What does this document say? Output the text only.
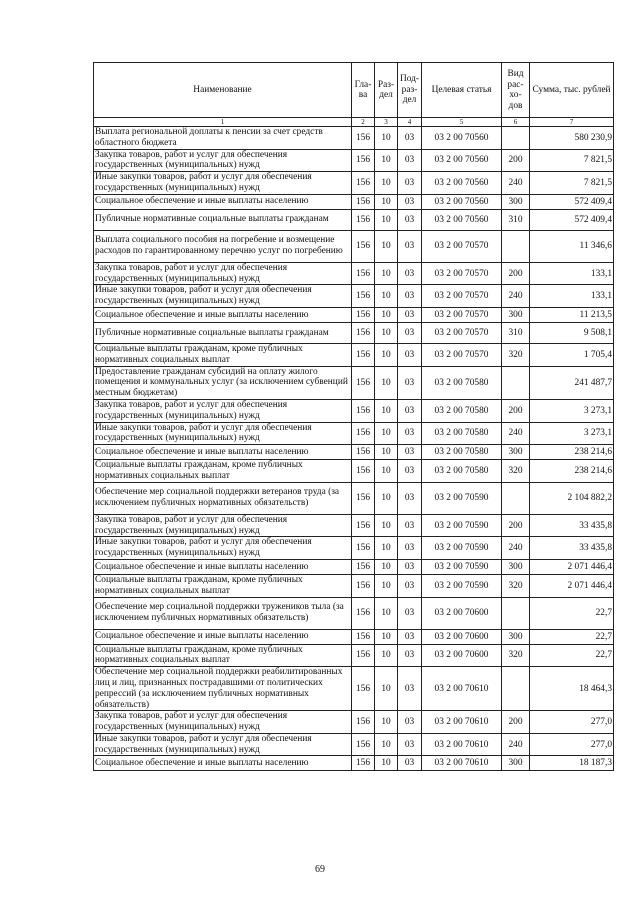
Наименование	Гла-ва	Раз-дел	Под-раз-дел	Целевая статья	Вид рас-хо-дов	Сумма, тыс. рублей
1	2	3	4	5	6	7
Выплата региональной доплаты к пенсии за счет средств областного бюджета	156	10	03	03 2 00 70560		580 230,9
Закупка товаров, работ и услуг для обеспечения государственных (муниципальных) нужд	156	10	03	03 2 00 70560	200	7 821,5
Иные закупки товаров, работ и услуг для обеспечения государственных (муниципальных) нужд	156	10	03	03 2 00 70560	240	7 821,5
Социальное обеспечение и иные выплаты населению	156	10	03	03 2 00 70560	300	572 409,4
Публичные нормативные социальные выплаты гражданам	156	10	03	03 2 00 70560	310	572 409,4
Выплата социального пособия на погребение и возмещение расходов по гарантированному перечню услуг по погребению	156	10	03	03 2 00 70570		11 346,6
Закупка товаров, работ и услуг для обеспечения государственных (муниципальных) нужд	156	10	03	03 2 00 70570	200	133,1
Иные закупки товаров, работ и услуг для обеспечения государственных (муниципальных) нужд	156	10	03	03 2 00 70570	240	133,1
Социальное обеспечение и иные выплаты населению	156	10	03	03 2 00 70570	300	11 213,5
Публичные нормативные социальные выплаты гражданам	156	10	03	03 2 00 70570	310	9 508,1
Социальные выплаты гражданам, кроме публичных нормативных социальных выплат	156	10	03	03 2 00 70570	320	1 705,4
Предоставление гражданам субсидий на оплату жилого помещения и коммунальных услуг (за исключением субвенций местным бюджетам)	156	10	03	03 2 00 70580		241 487,7
Закупка товаров, работ и услуг для обеспечения государственных (муниципальных) нужд	156	10	03	03 2 00 70580	200	3 273,1
Иные закупки товаров, работ и услуг для обеспечения государственных (муниципальных) нужд	156	10	03	03 2 00 70580	240	3 273,1
Социальное обеспечение и иные выплаты населению	156	10	03	03 2 00 70580	300	238 214,6
Социальные выплаты гражданам, кроме публичных нормативных социальных выплат	156	10	03	03 2 00 70580	320	238 214,6
Обеспечение мер социальной поддержки ветеранов труда (за исключением публичных нормативных обязательств)	156	10	03	03 2 00 70590		2 104 882,2
Закупка товаров, работ и услуг для обеспечения государственных (муниципальных) нужд	156	10	03	03 2 00 70590	200	33 435,8
Иные закупки товаров, работ и услуг для обеспечения государственных (муниципальных) нужд	156	10	03	03 2 00 70590	240	33 435,8
Социальное обеспечение и иные выплаты населению	156	10	03	03 2 00 70590	300	2 071 446,4
Социальные выплаты гражданам, кроме публичных нормативных социальных выплат	156	10	03	03 2 00 70590	320	2 071 446,4
Обеспечение мер социальной поддержки тружеников тыла (за исключением публичных нормативных обязательств)	156	10	03	03 2 00 70600		22,7
Социальное обеспечение и иные выплаты населению	156	10	03	03 2 00 70600	300	22,7
Социальные выплаты гражданам, кроме публичных нормативных социальных выплат	156	10	03	03 2 00 70600	320	22,7
Обеспечение мер социальной поддержки реабилитированных лиц и лиц, признанных пострадавшими от политических репрессий (за исключением публичных нормативных обязательств)	156	10	03	03 2 00 70610		18 464,3
Закупка товаров, работ и услуг для обеспечения государственных (муниципальных) нужд	156	10	03	03 2 00 70610	200	277,0
Иные закупки товаров, работ и услуг для обеспечения государственных (муниципальных) нужд	156	10	03	03 2 00 70610	240	277,0
Социальное обеспечение и иные выплаты населению	156	10	03	03 2 00 70610	300	18 187,3
69
